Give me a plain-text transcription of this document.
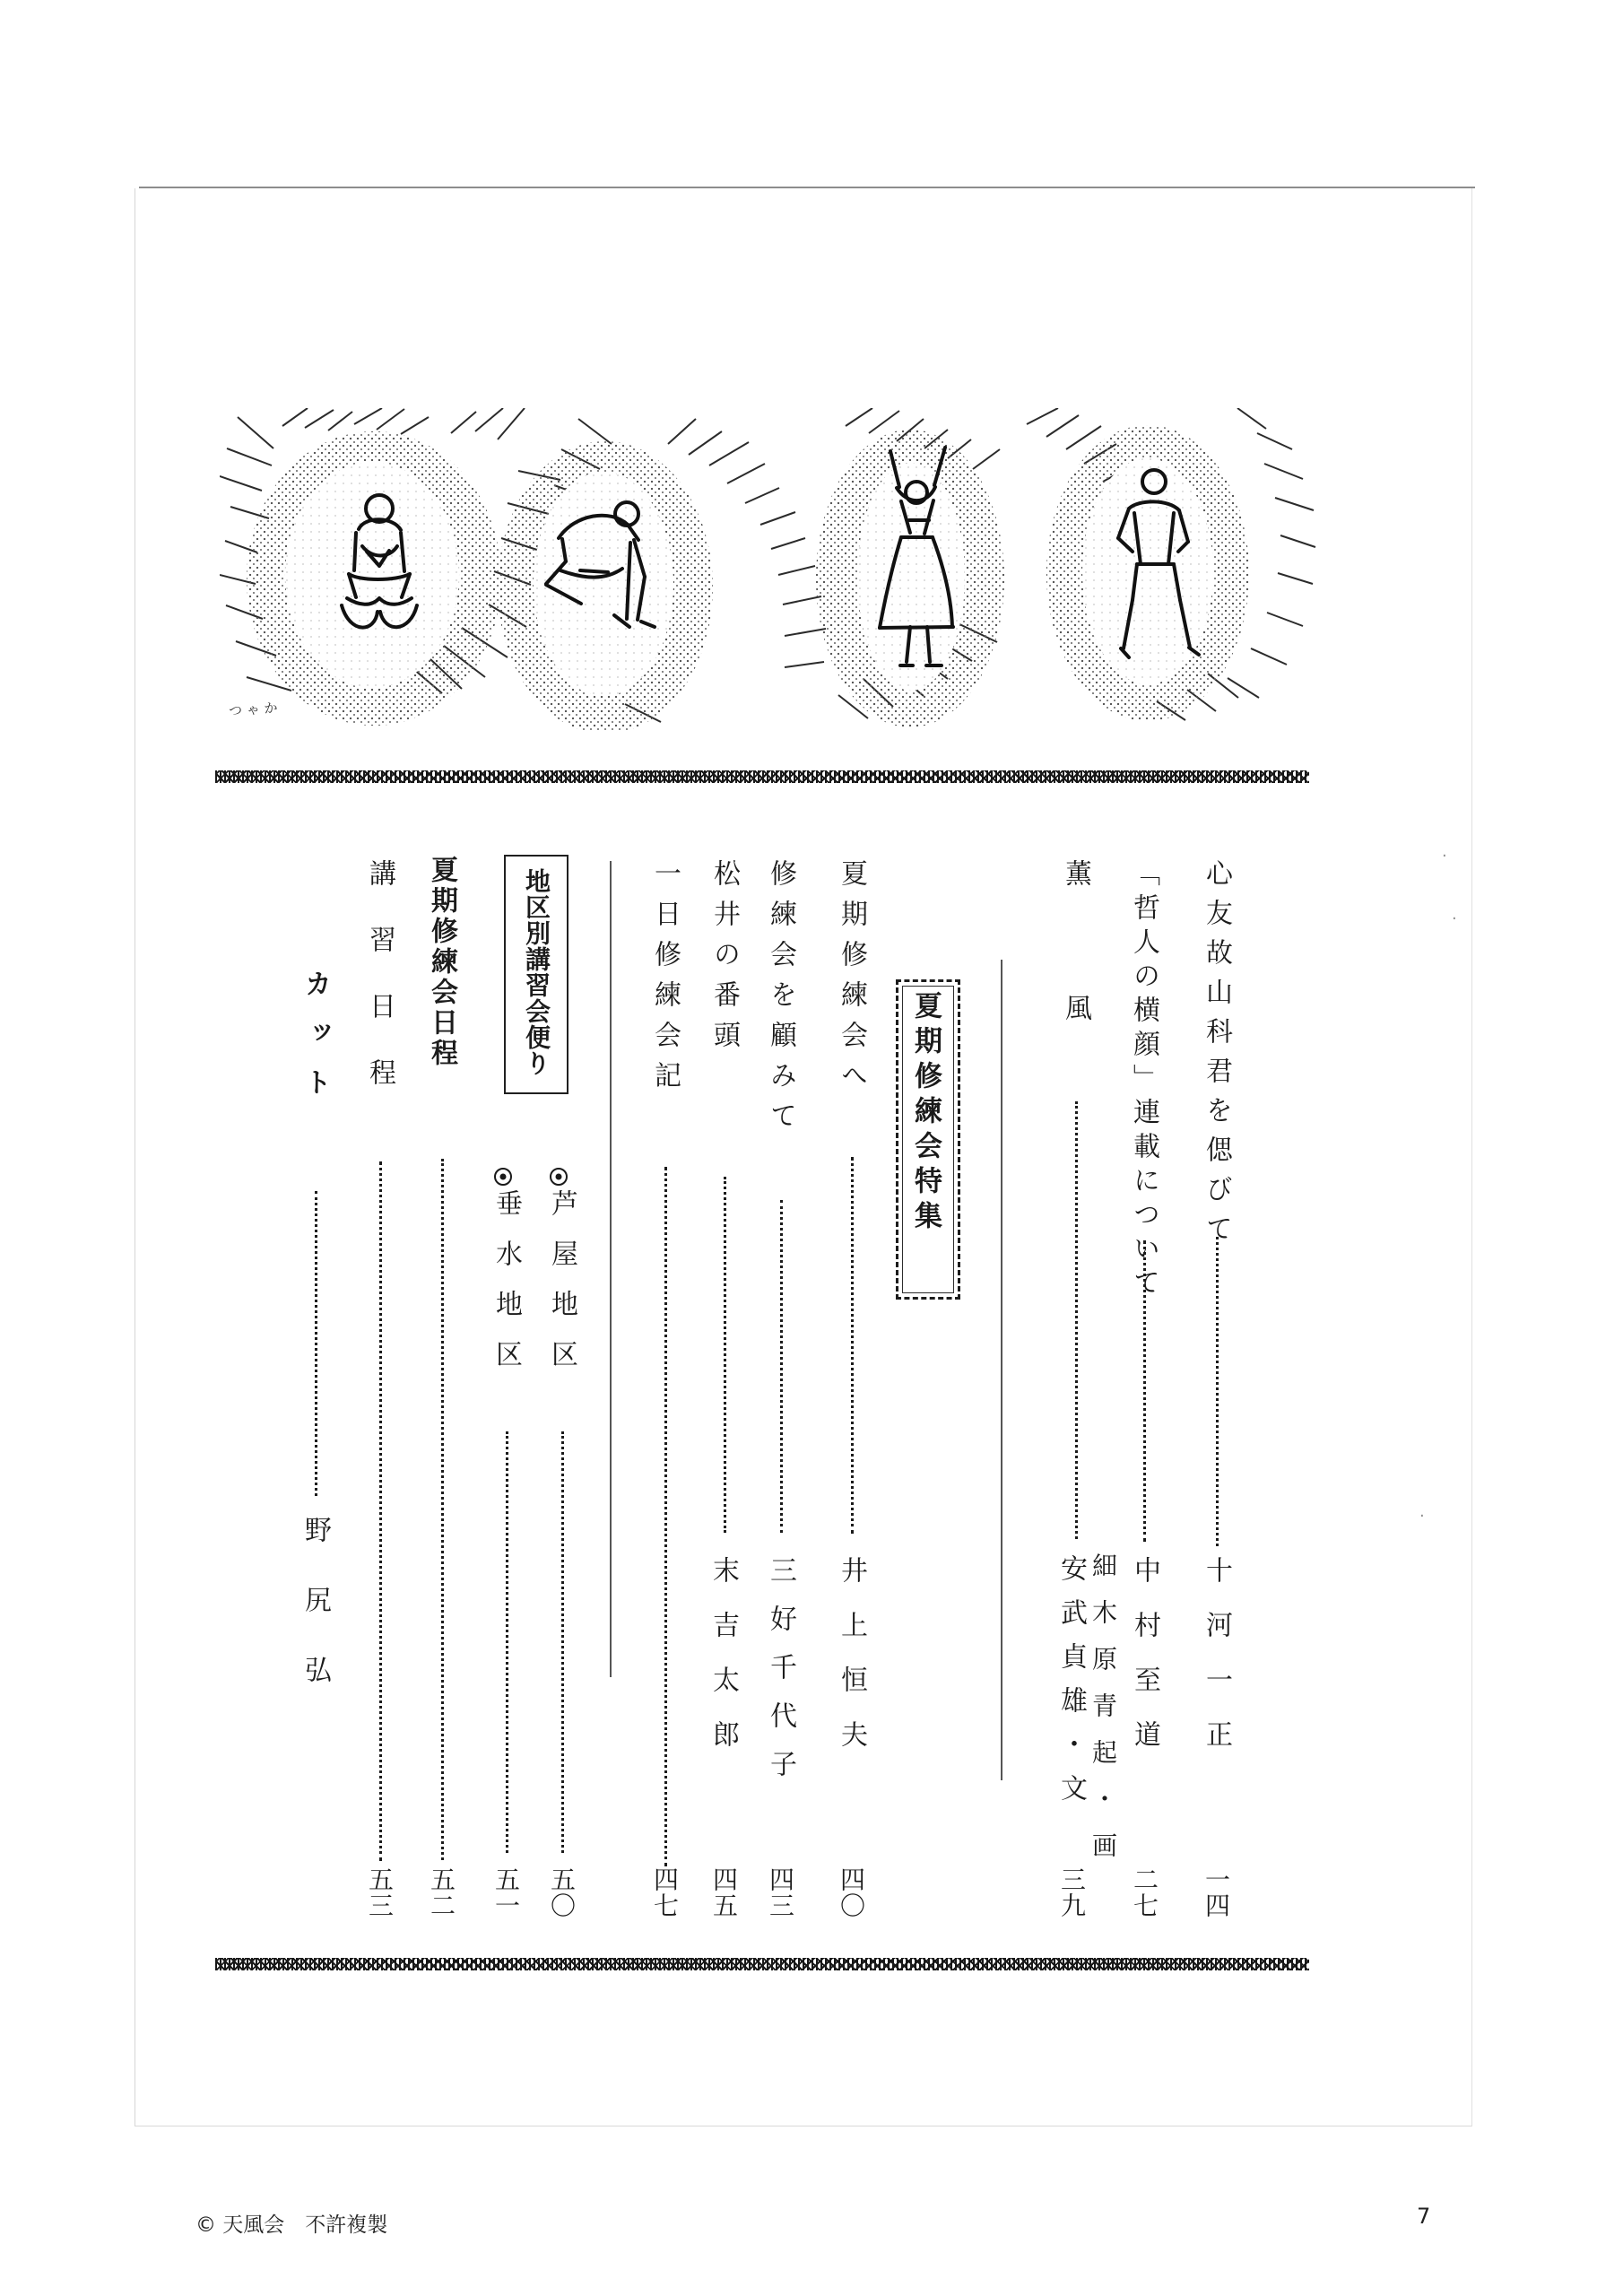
つ ゃ か
心友故山科君を偲びて
十河一正
一四
「哲人の横顔」連載について
中村至道
二七
薫風
細木原青起・画
安武貞雄・文
三九
夏期修練会特集
夏期修練会へ
井上恒夫
四〇
修練会を顧みて
三好千代子
四三
松井の番頭
末吉太郎
四五
一日修練会記
四七
地区別講習会便り
芦屋地区
五〇
垂水地区
五一
夏期修練会日程
五二
講習日程
五三
カット
野尻弘
·
·
·
© 天風会　不許複製	7
